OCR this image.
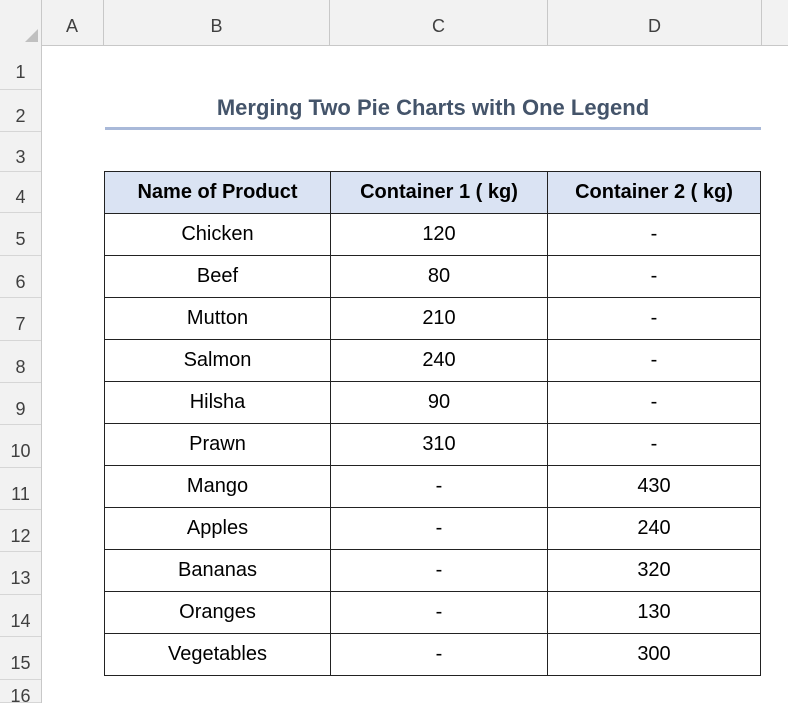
A	B	C	D
1
2
3
4
5
6
7
8
9
10
11
12
13
14
15
16
Merging Two Pie Charts with One Legend
Name of Product	Container 1 ( kg)	Container 2 ( kg)
Chicken	120	-
Beef	80	-
Mutton	210	-
Salmon	240	-
Hilsha	90	-
Prawn	310	-
Mango	-	430
Apples	-	240
Bananas	-	320
Oranges	-	130
Vegetables	-	300
